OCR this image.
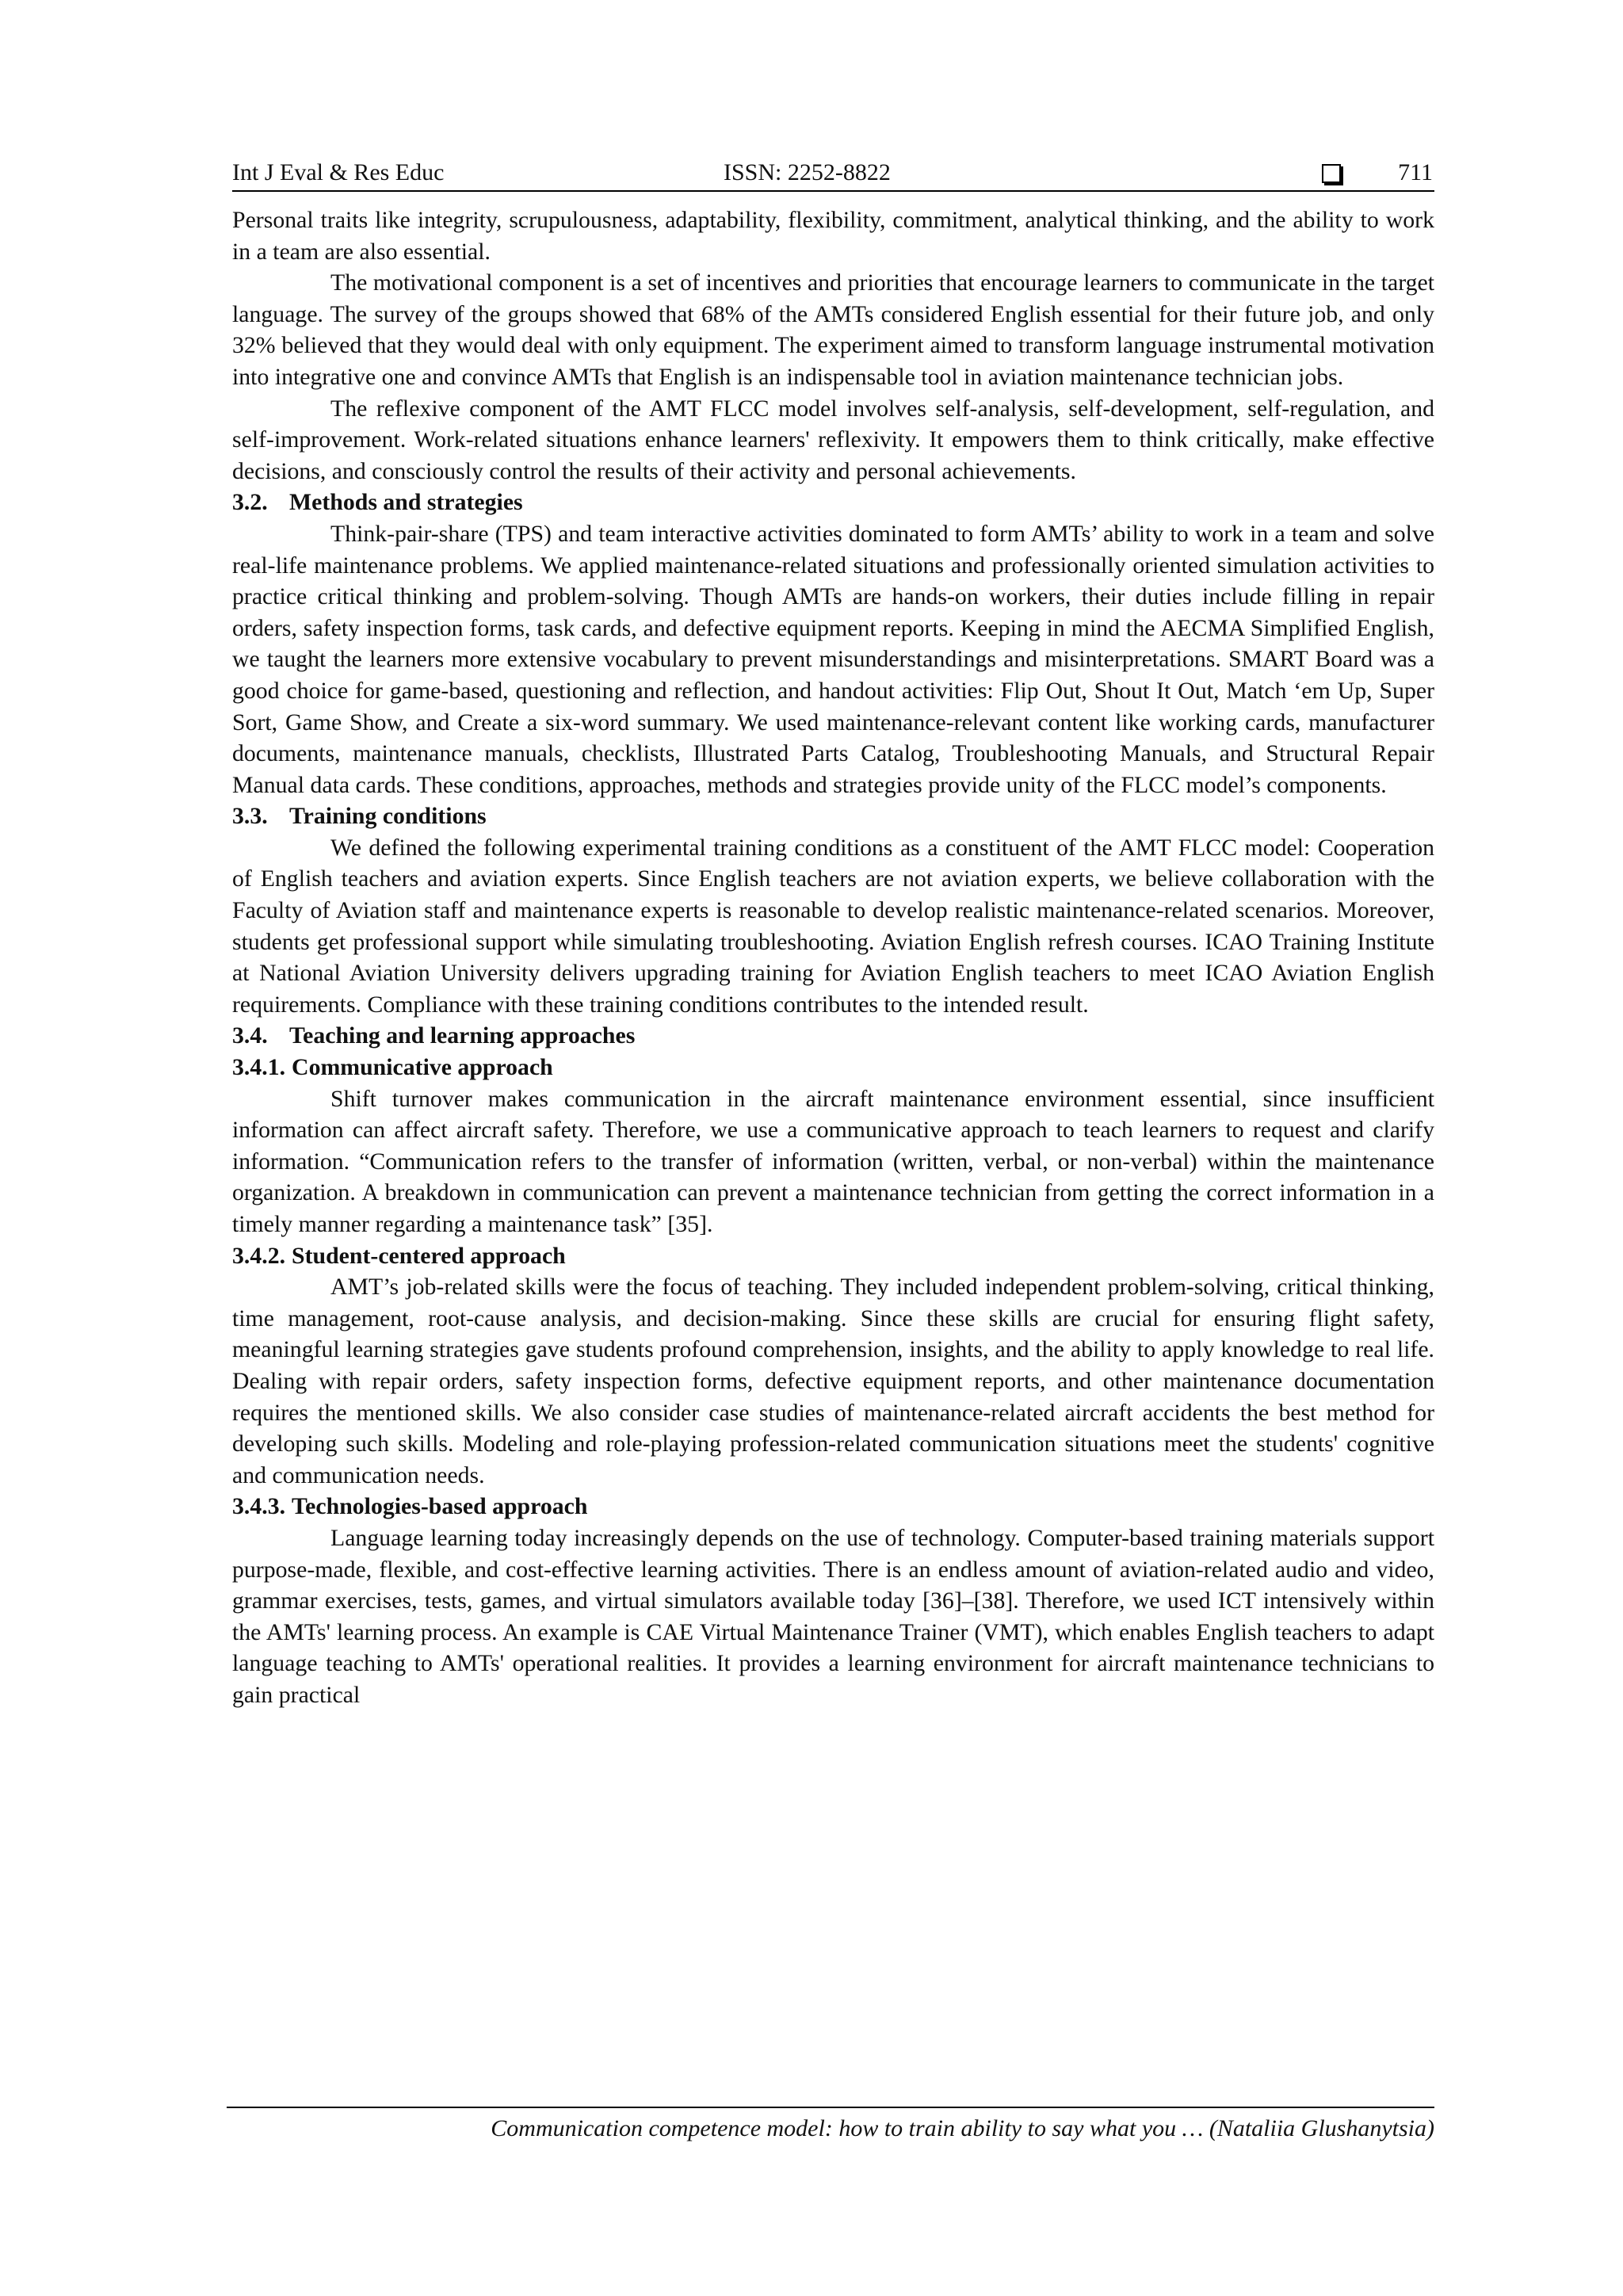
Int J Eval & Res Educ	ISSN: 2252-8822	711

Personal traits like integrity, scrupulousness, adaptability, flexibility, commitment, analytical thinking, and the ability to work in a team are also essential.

The motivational component is a set of incentives and priorities that encourage learners to communicate in the target language. The survey of the groups showed that 68% of the AMTs considered English essential for their future job, and only 32% believed that they would deal with only equipment. The experiment aimed to transform language instrumental motivation into integrative one and convince AMTs that English is an indispensable tool in aviation maintenance technician jobs.

The reflexive component of the AMT FLCC model involves self-analysis, self-development, self-regulation, and self-improvement. Work-related situations enhance learners' reflexivity. It empowers them to think critically, make effective decisions, and consciously control the results of their activity and personal achievements.

3.2. Methods and strategies

Think-pair-share (TPS) and team interactive activities dominated to form AMTs’ ability to work in a team and solve real-life maintenance problems. We applied maintenance-related situations and professionally oriented simulation activities to practice critical thinking and problem-solving. Though AMTs are hands-on workers, their duties include filling in repair orders, safety inspection forms, task cards, and defective equipment reports. Keeping in mind the AECMA Simplified English, we taught the learners more extensive vocabulary to prevent misunderstandings and misinterpretations. SMART Board was a good choice for game-based, questioning and reflection, and handout activities: Flip Out, Shout It Out, Match ‘em Up, Super Sort, Game Show, and Create a six-word summary. We used maintenance-relevant content like working cards, manufacturer documents, maintenance manuals, checklists, Illustrated Parts Catalog, Troubleshooting Manuals, and Structural Repair Manual data cards. These conditions, approaches, methods and strategies provide unity of the FLCC model’s components.

3.3. Training conditions

We defined the following experimental training conditions as a constituent of the AMT FLCC model: Cooperation of English teachers and aviation experts. Since English teachers are not aviation experts, we believe collaboration with the Faculty of Aviation staff and maintenance experts is reasonable to develop realistic maintenance-related scenarios. Moreover, students get professional support while simulating troubleshooting. Aviation English refresh courses. ICAO Training Institute at National Aviation University delivers upgrading training for Aviation English teachers to meet ICAO Aviation English requirements. Compliance with these training conditions contributes to the intended result.

3.4. Teaching and learning approaches

3.4.1. Communicative approach

Shift turnover makes communication in the aircraft maintenance environment essential, since insufficient information can affect aircraft safety. Therefore, we use a communicative approach to teach learners to request and clarify information. “Communication refers to the transfer of information (written, verbal, or non-verbal) within the maintenance organization. A breakdown in communication can prevent a maintenance technician from getting the correct information in a timely manner regarding a maintenance task” [35].

3.4.2. Student-centered approach

AMT’s job-related skills were the focus of teaching. They included independent problem-solving, critical thinking, time management, root-cause analysis, and decision-making. Since these skills are crucial for ensuring flight safety, meaningful learning strategies gave students profound comprehension, insights, and the ability to apply knowledge to real life. Dealing with repair orders, safety inspection forms, defective equipment reports, and other maintenance documentation requires the mentioned skills. We also consider case studies of maintenance-related aircraft accidents the best method for developing such skills. Modeling and role-playing profession-related communication situations meet the students' cognitive and communication needs.

3.4.3. Technologies-based approach

Language learning today increasingly depends on the use of technology. Computer-based training materials support purpose-made, flexible, and cost-effective learning activities. There is an endless amount of aviation-related audio and video, grammar exercises, tests, games, and virtual simulators available today [36]–[38]. Therefore, we used ICT intensively within the AMTs' learning process. An example is CAE Virtual Maintenance Trainer (VMT), which enables English teachers to adapt language teaching to AMTs' operational realities. It provides a learning environment for aircraft maintenance technicians to gain practical

Communication competence model: how to train ability to say what you … (Nataliia Glushanytsia)
